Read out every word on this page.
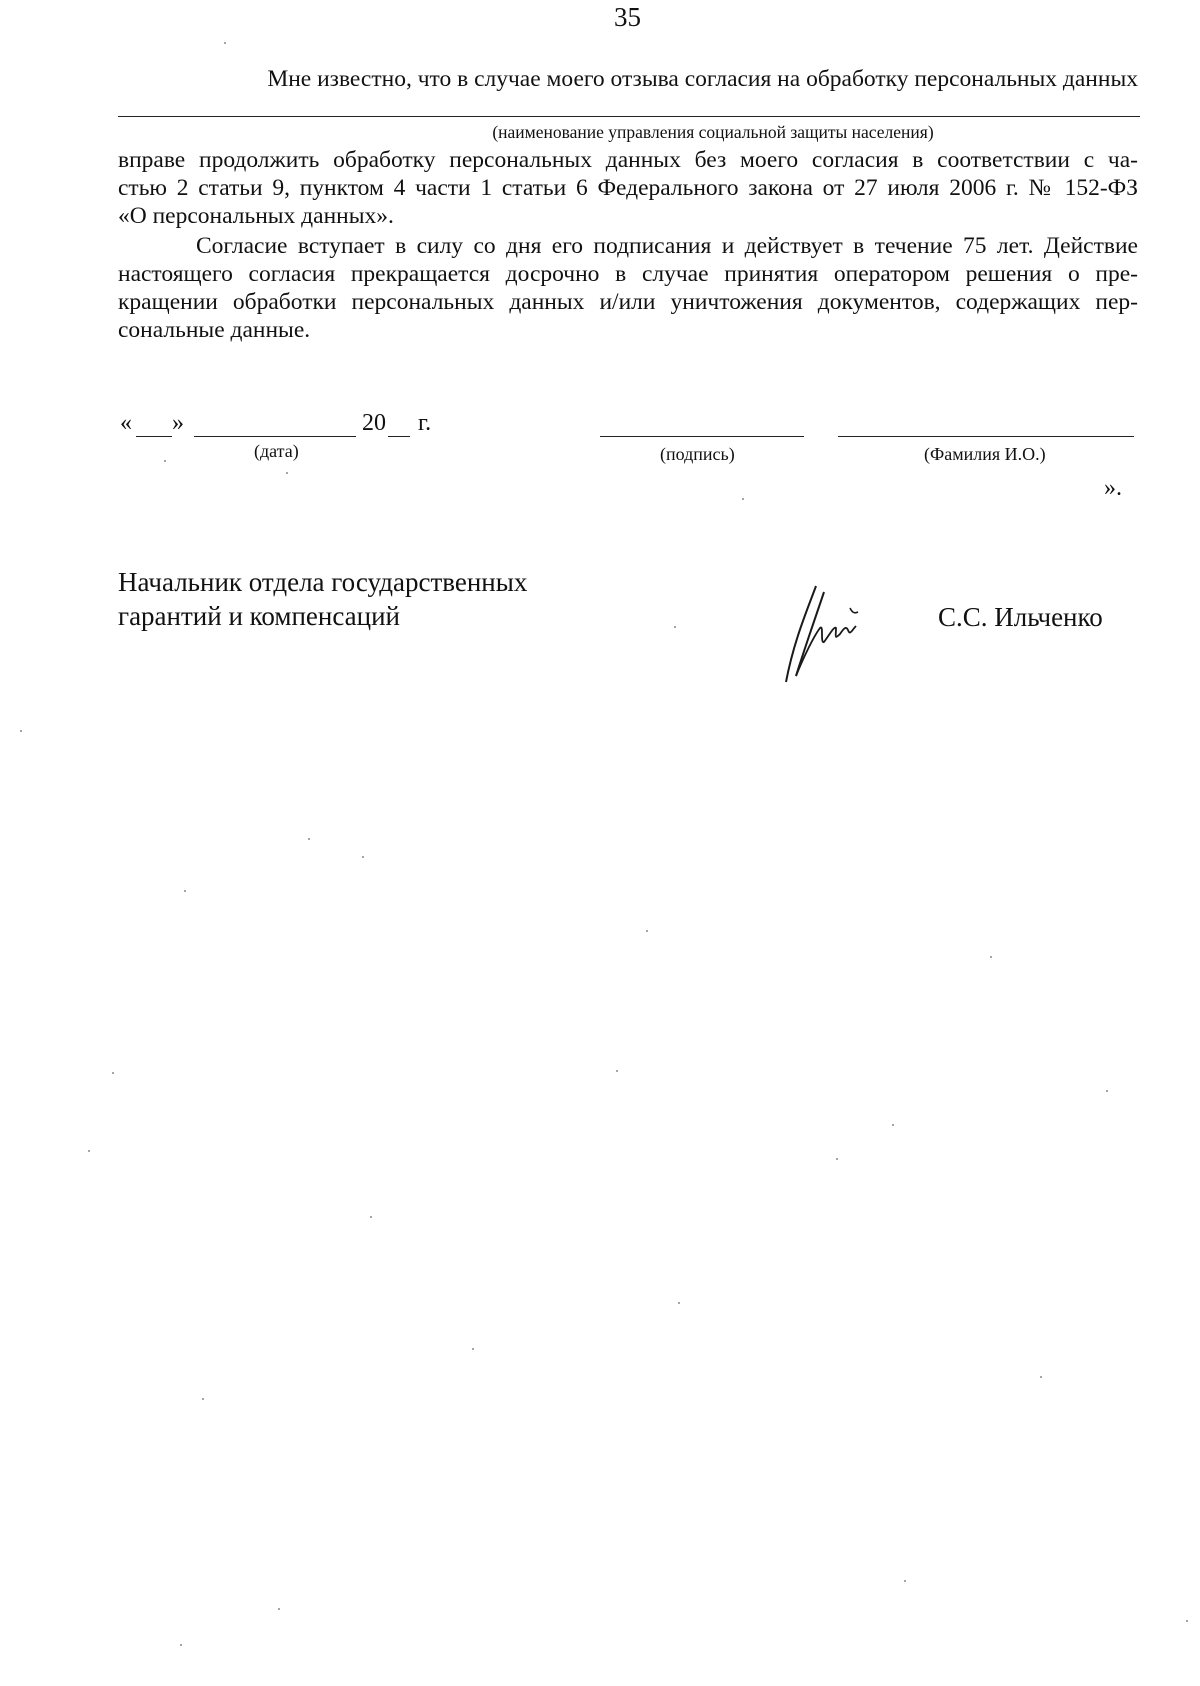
35
Мне известно, что в случае моего отзыва согласия на обработку персональных данных
(наименование управления социальной защиты населения)
вправе продолжить обработку персональных данных без моего согласия в соответствии с ча-
стью 2 статьи 9, пунктом 4 части 1 статьи 6 Федерального закона от 27 июля 2006 г. № 152-ФЗ
«О персональных данных».
Согласие вступает в силу со дня его подписания и действует в течение 75 лет. Действие
настоящего согласия прекращается досрочно в случае принятия оператором решения о пре-
кращении обработки персональных данных и/или уничтожения документов, содержащих пер-
сональные данные.
« »	20 г.
(дата)	(подпись)	(Фамилия И.О.)
».
Начальник отдела государственных
гарантий и компенсаций	С.С. Ильченко
